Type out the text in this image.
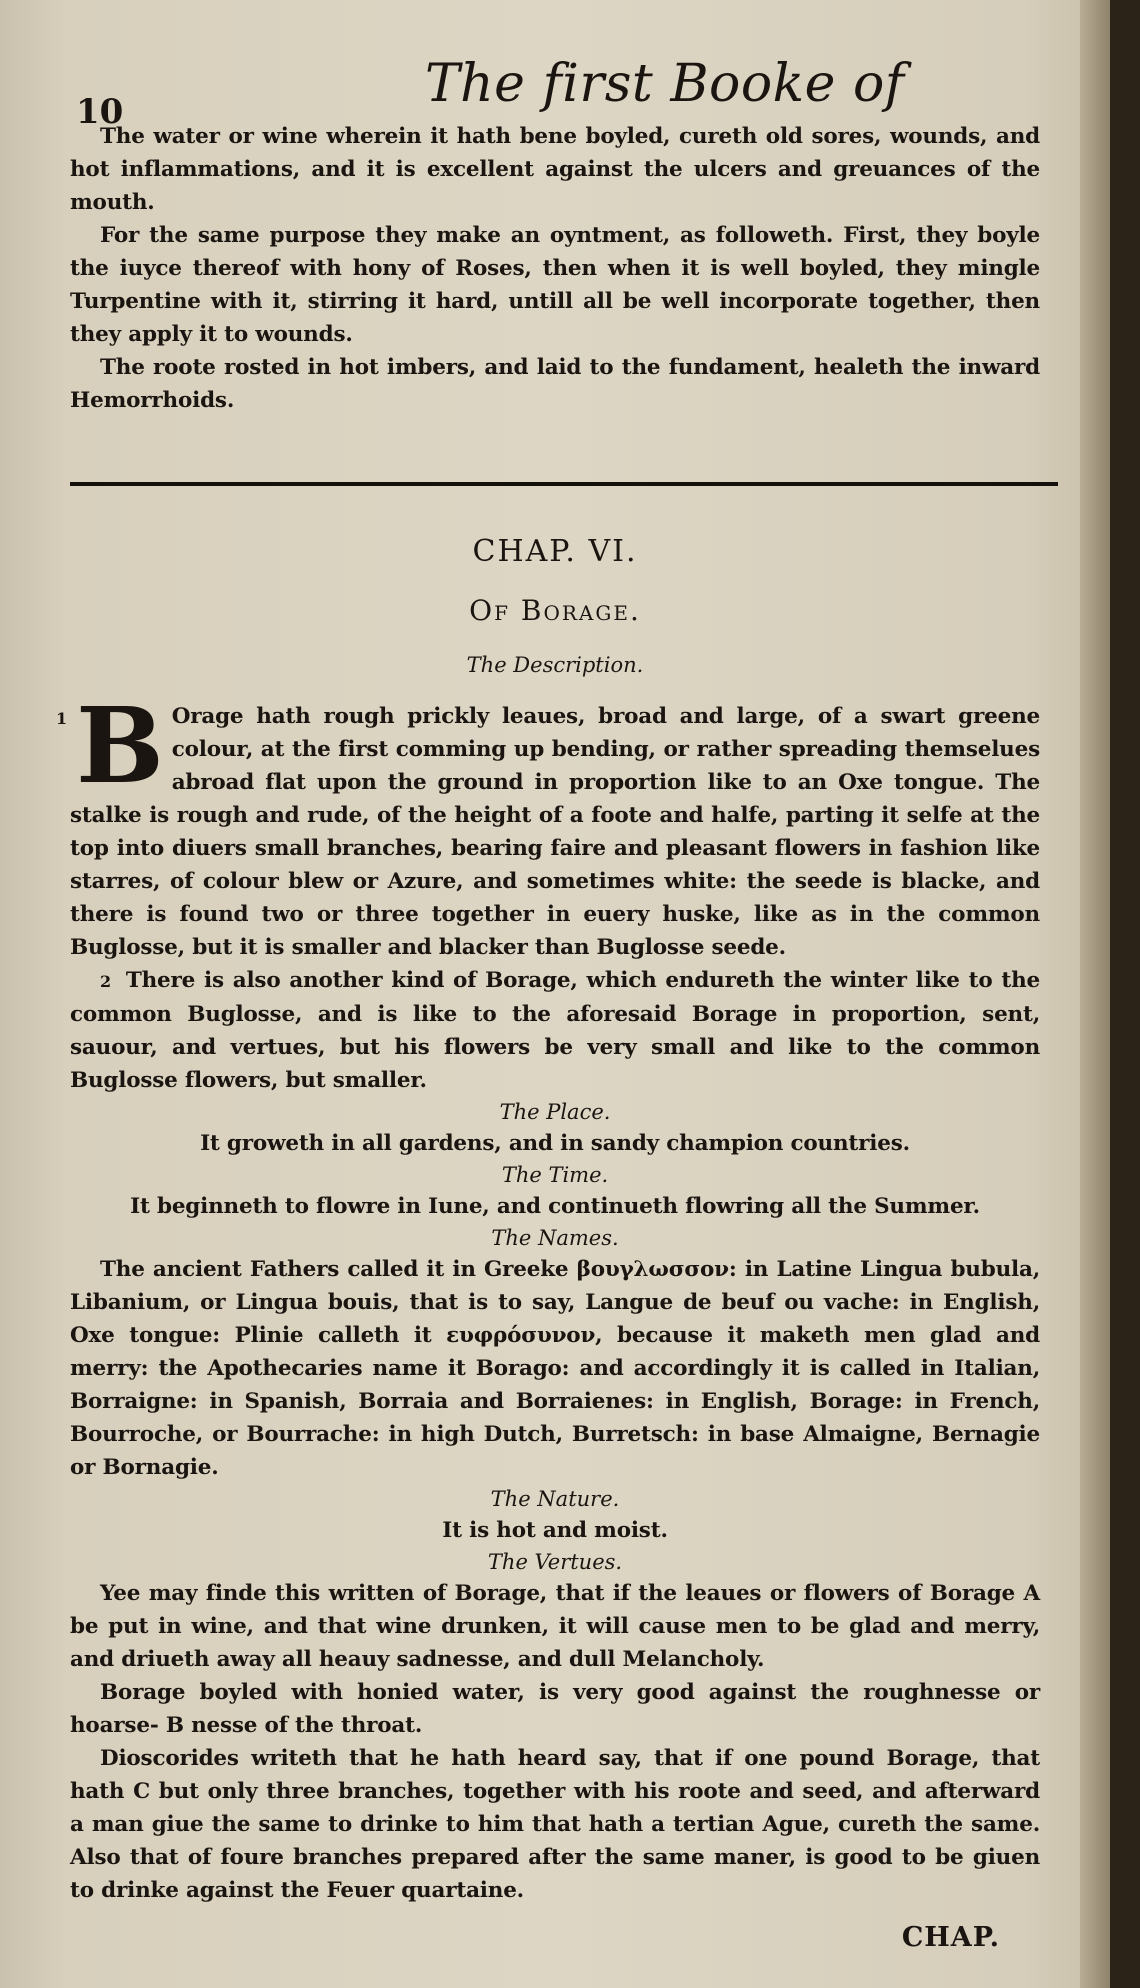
10	The first Booke of

The water or wine wherein it hath bene boyled, cureth old sores, wounds, and hot inflammations, and it is excellent against the ulcers and greuances of the mouth.

For the same purpose they make an oyntment, as followeth. First, they boyle the iuyce thereof with hony of Roses, then when it is well boyled, they mingle Turpentine with it, stirring it hard, untill all be well incorporate together, then they apply it to wounds.

The roote rosted in hot imbers, and laid to the fundament, healeth the inward Hemorrhoids.

CHAP. VI.
Of Borage.
The Description.
1 B Orage hath rough prickly leaues, broad and large, of a swart greene colour, at the first comming up bending, or rather spreading themselues abroad flat upon the ground in proportion like to an Oxe tongue. The stalke is rough and rude, of the height of a foote and halfe, parting it selfe at the top into diuers small branches, bearing faire and pleasant flowers in fashion like starres, of colour blew or Azure, and sometimes white: the seede is blacke, and there is found two or three together in euery huske, like as in the common Buglosse, but it is smaller and blacker than Buglosse seede.

2 There is also another kind of Borage, which endureth the winter like to the common Buglosse, and is like to the aforesaid Borage in proportion, sent, sauour, and vertues, but his flowers be very small and like to the common Buglosse flowers, but smaller.

The Place.

It groweth in all gardens, and in sandy champion countries.

The Time.

It beginneth to flowre in Iune, and continueth flowring all the Summer.

The Names.

The ancient Fathers called it in Greeke βουγλωσσον: in Latine Lingua bubula, Libanium, or Lingua bouis, that is to say, Langue de beuf ou vache: in English, Oxe tongue: Plinie calleth it ευφρόσυνον, because it maketh men glad and merry: the Apothecaries name it Borago: and accordingly it is called in Italian, Borraigne: in Spanish, Borraia and Borraienes: in English, Borage: in French, Bourroche, or Bourrache: in high Dutch, Burretsch: in base Almaigne, Bernagie or Bornagie.

The Nature.

It is hot and moist.

The Vertues.

Yee may finde this written of Borage, that if the leaues or flowers of Borage A be put in wine, and that wine drunken, it will cause men to be glad and merry, and driueth away all heauy sadnesse, and dull Melancholy.

Borage boyled with honied water, is very good against the roughnesse or hoarse- B nesse of the throat.

Dioscorides writeth that he hath heard say, that if one pound Borage, that hath C but only three branches, together with his roote and seed, and afterward a man giue the same to drinke to him that hath a tertian Ague, cureth the same. Also that of foure branches prepared after the same maner, is good to be giuen to drinke against the Feuer quartaine.

CHAP.
